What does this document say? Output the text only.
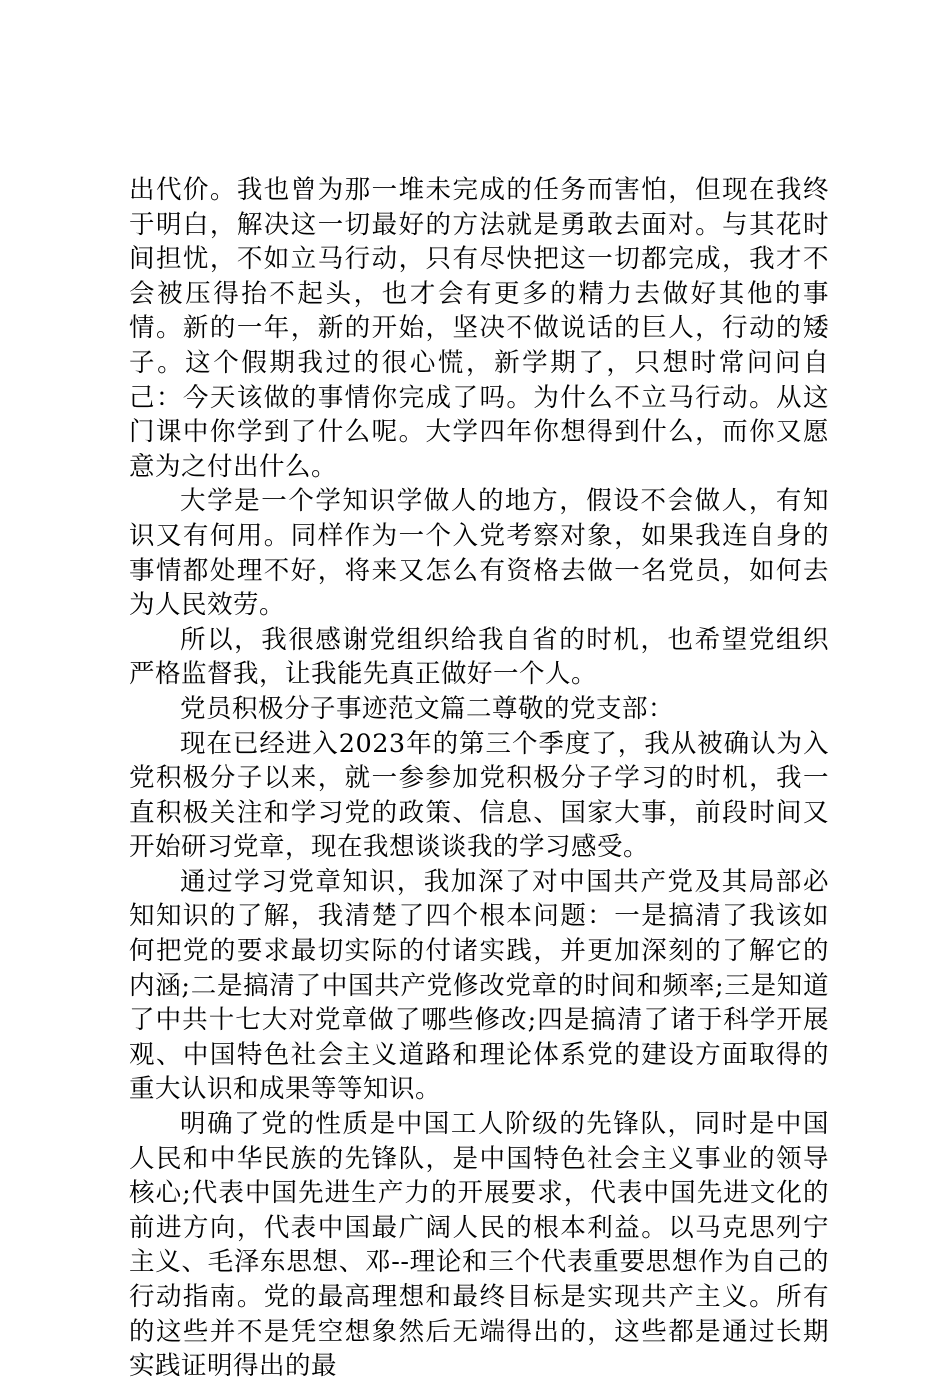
出代价。我也曾为那一堆未完成的任务而害怕，但现在我终于明白，解决这一切最好的方法就是勇敢去面对。与其花时间担忧，不如立马行动，只有尽快把这一切都完成，我才不会被压得抬不起头，也才会有更多的精力去做好其他的事情。新的一年，新的开始，坚决不做说话的巨人，行动的矮子。这个假期我过的很心慌，新学期了，只想时常问问自己：今天该做的事情你完成了吗。为什么不立马行动。从这门课中你学到了什么呢。大学四年你想得到什么，而你又愿意为之付出什么。

大学是一个学知识学做人的地方，假设不会做人，有知识又有何用。同样作为一个入党考察对象，如果我连自身的事情都处理不好，将来又怎么有资格去做一名党员，如何去为人民效劳。

所以，我很感谢党组织给我自省的时机，也希望党组织严格监督我，让我能先真正做好一个人。

党员积极分子事迹范文篇二尊敬的党支部：

现在已经进入2023年的第三个季度了，我从被确认为入党积极分子以来，就一参参加党积极分子学习的时机，我一直积极关注和学习党的政策、信息、国家大事，前段时间又开始研习党章，现在我想谈谈我的学习感受。

通过学习党章知识，我加深了对中国共产党及其局部必知知识的了解，我清楚了四个根本问题：一是搞清了我该如何把党的要求最切实际的付诸实践，并更加深刻的了解它的内涵;二是搞清了中国共产党修改党章的时间和频率;三是知道了中共十七大对党章做了哪些修改;四是搞清了诸于科学开展观、中国特色社会主义道路和理论体系党的建设方面取得的重大认识和成果等等知识。

明确了党的性质是中国工人阶级的先锋队，同时是中国人民和中华民族的先锋队，是中国特色社会主义事业的领导核心;代表中国先进生产力的开展要求，代表中国先进文化的前进方向，代表中国最广阔人民的根本利益。以马克思列宁主义、毛泽东思想、邓--理论和三个代表重要思想作为自己的行动指南。党的最高理想和最终目标是实现共产主义。所有的这些并不是凭空想象然后无端得出的，这些都是通过长期实践证明得出的最
